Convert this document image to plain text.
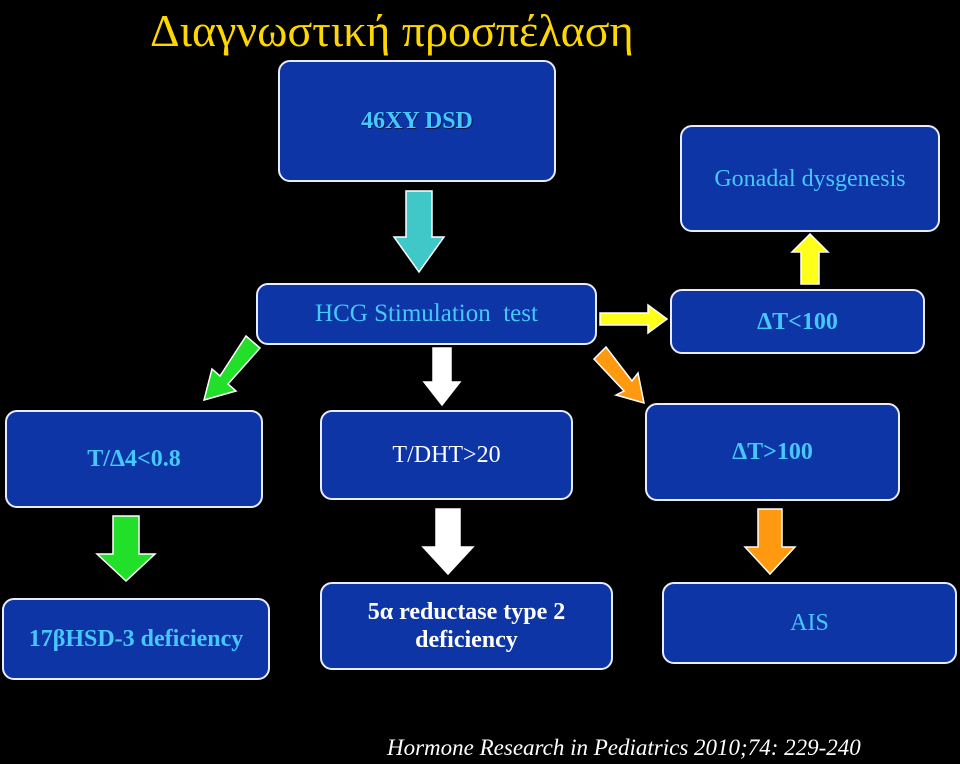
Διαγνωστική προσπέλαση
46XY DSD
Gonadal dysgenesis
HCG Stimulation  test	ΔT<100
T/Δ4<0.8	T/DHT>20	ΔT>100
17βHSD-3 deficiency
5α reductase type 2 deficiency
AIS
Hormone Research in Pediatrics 2010;74: 229-240
